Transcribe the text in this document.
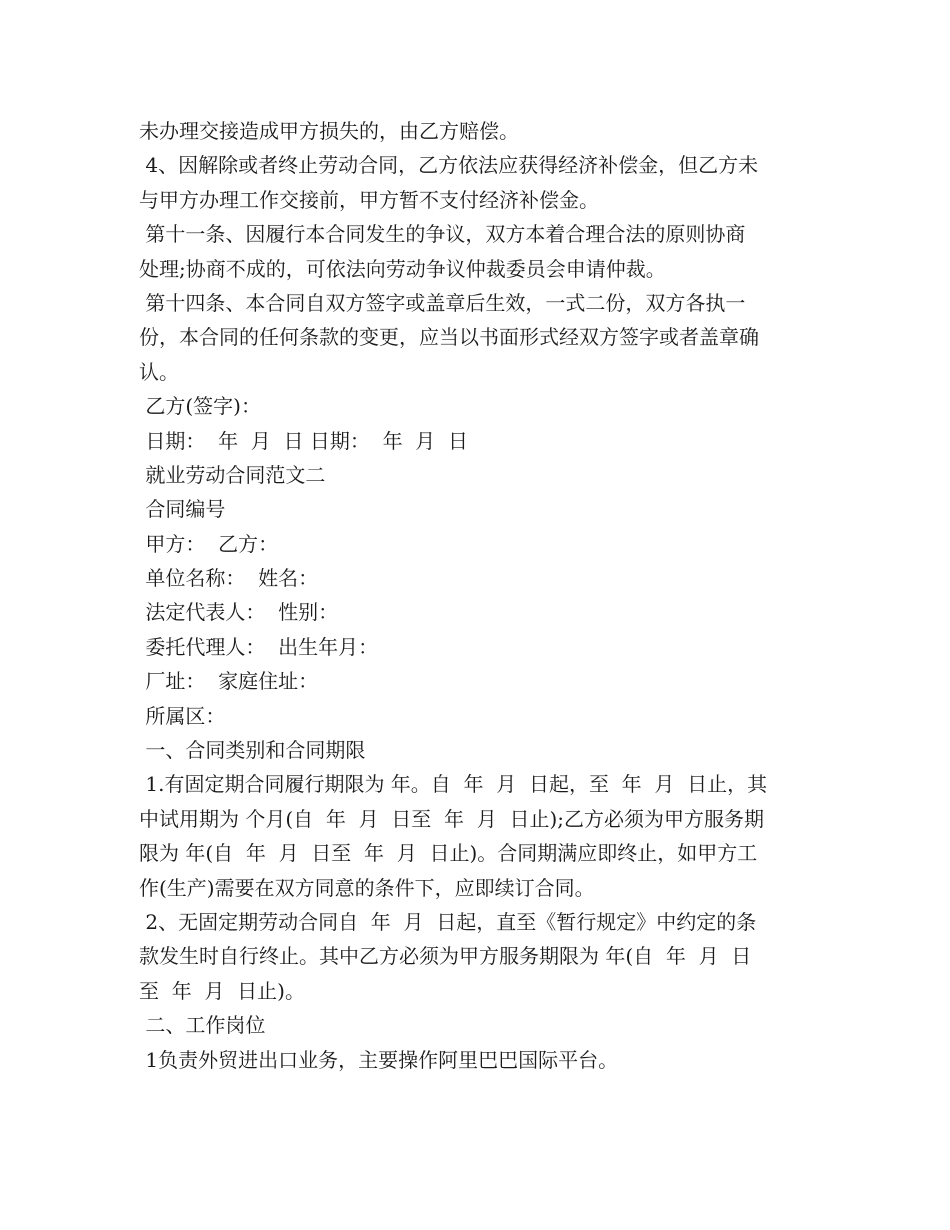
未办理交接造成甲方损失的，由乙方赔偿。
4、因解除或者终止劳动合同，乙方依法应获得经济补偿金，但乙方未
与甲方办理工作交接前，甲方暂不支付经济补偿金。
第十一条、因履行本合同发生的争议，双方本着合理合法的原则协商
处理;协商不成的，可依法向劳动争议仲裁委员会申请仲裁。
第十四条、本合同自双方签字或盖章后生效，一式二份，双方各执一
份，本合同的任何条款的变更，应当以书面形式经双方签字或者盖章确
认。
乙方(签字)：
日期：  年  月  日 日期：  年  月  日
就业劳动合同范文二
合同编号
甲方：  乙方：
单位名称：  姓名：
法定代表人：  性别：
委托代理人：  出生年月：
厂址：  家庭住址：
所属区：
一、合同类别和合同期限
1.有固定期合同履行期限为 年。自  年  月  日起，至  年  月  日止，其
中试用期为 个月(自  年  月  日至  年  月  日止);乙方必须为甲方服务期
限为 年(自  年  月  日至  年  月  日止)。合同期满应即终止，如甲方工
作(生产)需要在双方同意的条件下，应即续订合同。
2、无固定期劳动合同自  年  月  日起，直至《暂行规定》中约定的条
款发生时自行终止。其中乙方必须为甲方服务期限为 年(自  年  月  日
至  年  月  日止)。
二、工作岗位
1负责外贸进出口业务，主要操作阿里巴巴国际平台。
